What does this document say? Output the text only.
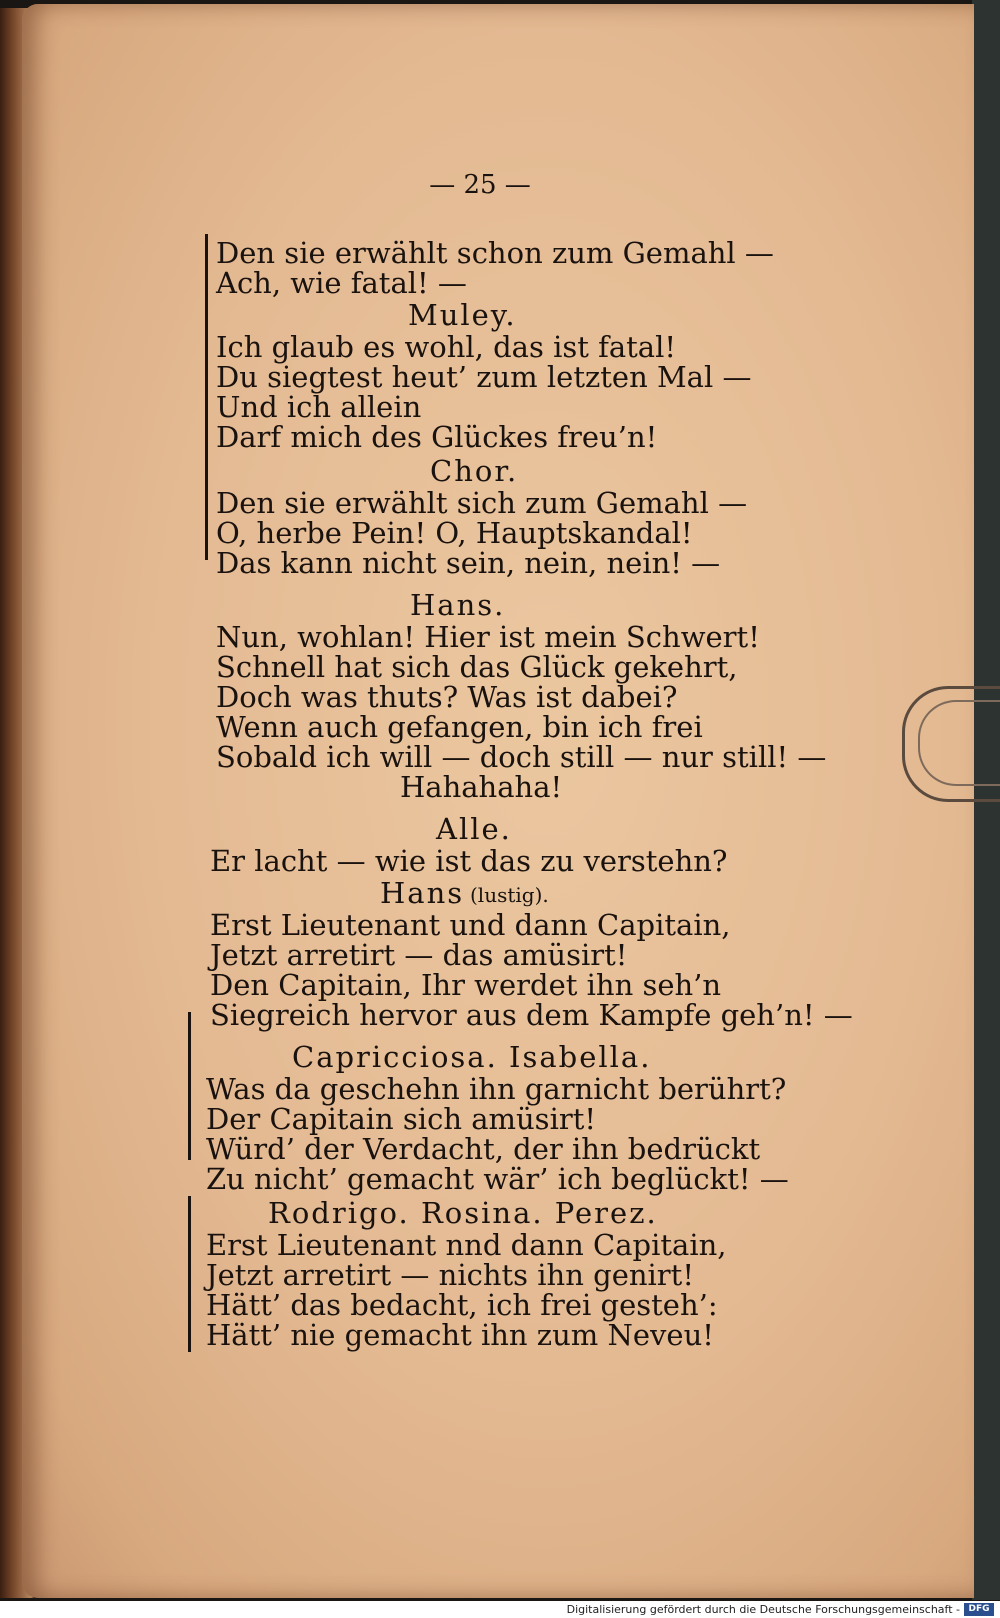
— 25 —
Den sie erwählt schon zum Gemahl —
Ach, wie fatal! —
Muley.
Ich glaub es wohl, das ist fatal!
Du siegtest heut’ zum letzten Mal —
Und ich allein
Darf mich des Glückes freu’n!
Chor.
Den sie erwählt sich zum Gemahl —
O, herbe Pein! O, Hauptskandal!
Das kann nicht sein, nein, nein! —
Hans.
Nun, wohlan! Hier ist mein Schwert!
Schnell hat sich das Glück gekehrt,
Doch was thuts? Was ist dabei?
Wenn auch gefangen, bin ich frei
Sobald ich will — doch still — nur still! —
Hahahaha!
Alle.
Er lacht — wie ist das zu verstehn?
Hans (lustig).
Erst Lieutenant und dann Capitain,
Jetzt arretirt — das amüsirt!
Den Capitain, Ihr werdet ihn seh’n
Siegreich hervor aus dem Kampfe geh’n! —
Capricciosa. Isabella.
Was da geschehn ihn garnicht berührt?
Der Capitain sich amüsirt!
Würd’ der Verdacht, der ihn bedrückt
Zu nicht’ gemacht wär’ ich beglückt! —
Rodrigo. Rosina. Perez.
Erst Lieutenant nnd dann Capitain,
Jetzt arretirt — nichts ihn genirt!
Hätt’ das bedacht, ich frei gesteh’:
Hätt’ nie gemacht ihn zum Neveu!
Digitalisierung gefördert durch die Deutsche Forschungsgemeinschaft - DFG
